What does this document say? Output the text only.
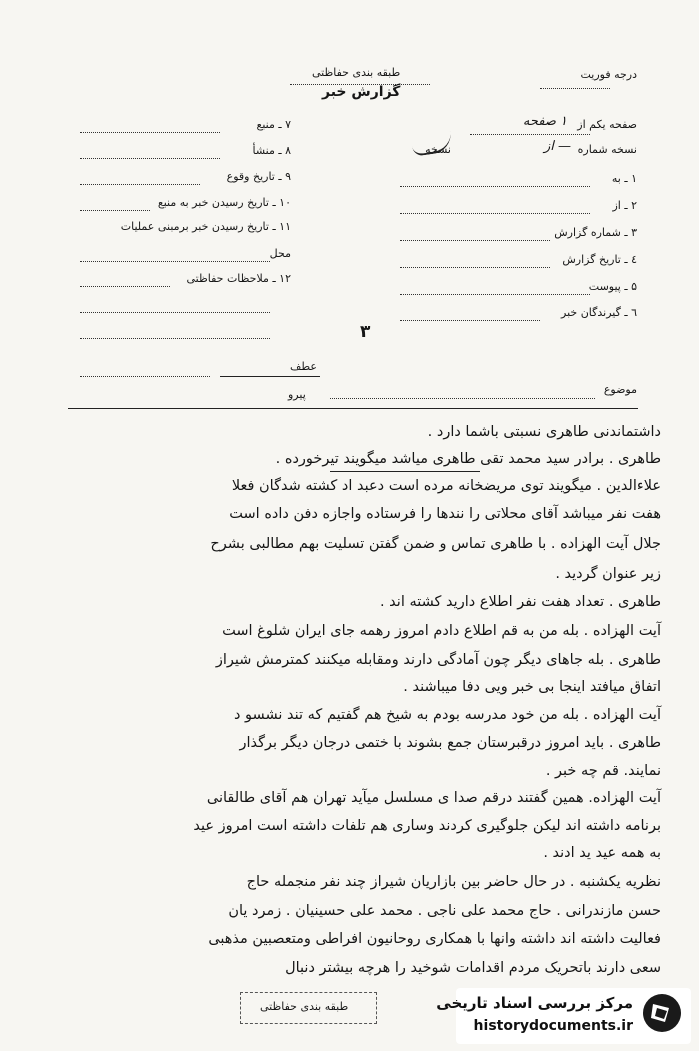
درجه فوریت
طبقه بندی حفاظتی
گزارش خبر
صفحه یکم از
۱ صفحه
نسخه شماره
— از
نسخه
۱ ـ به
۲ ـ از
۳ ـ شماره گزارش
٤ ـ تاریخ گزارش
۵ ـ پیوست
٦ ـ گیرندگان خبر
۷ ـ منبع
۸ ـ منشأ
۹ ـ تاریخ وقوع
۱۰ ـ تاریخ رسیدن خبر به منبع
۱۱ ـ تاریخ رسیدن خبر برمبنی عملیات
محل
۱۲ ـ ملاحظات حفاظتی
۳
عطف
پیرو	موضوع
داشتماندنی طاهری نسبتی باشما دارد .
طاهری . برادر سید محمد تقی طاهری میاشد میگویند تیرخورده .
علاءالدین . میگویند توی مریضخانه مرده است دعبد اد کشته شدگان فعلا
هفت نفر میباشد آقای محلاتی را نندها را فرستاده واجازه دفن داده است
جلال آیت الهزاده . با طاهری تماس و ضمن گفتن تسلیت بهم مطالبی بشرح
زیر عنوان گردید .
طاهری . تعداد هفت نفر اطلاع دارید کشته اند .
آیت الهزاده . بله من به قم اطلاع دادم امروز رهمه جای ایران شلوغ است
طاهری . بله جاهای دیگر چون آمادگی دارند ومقابله میکنند کمترمش شیراز
اتفاق میافتد اینجا بی خبر ویی دفا میباشند .
آیت الهزاده . بله من خود مدرسه بودم به شیخ هم گفتیم که تند نشسو د
طاهری . باید امروز درقبرستان جمع بشوند با ختمی درجان دیگر برگذار
نمایند. قم چه خبر .
آیت الهزاده. همین گفتند درقم صدا ی مسلسل میآید تهران هم آقای طالقانی
برنامه داشته اند لیکن جلوگیری کردند وساری هم تلفات داشته است امروز عید
به همه عید ید ادند .
نظریه یکشنبه . در حال حاضر بین بازاریان شیراز چند نفر منجمله حاج
حسن مازندرانی . حاج محمد علی ناجی . محمد علی حسینیان . زمرد یان
فعالیت داشته اند داشته وانها با همکاری روحانیون افراطی ومتعصبین مذهبی
سعی دارند باتحریک مردم اقدامات شوخید را هرچه بیشتر دنبال
طبقه بندی حفاظتی	مرکز بررسی اسناد تاریخی
historydocuments.ir
